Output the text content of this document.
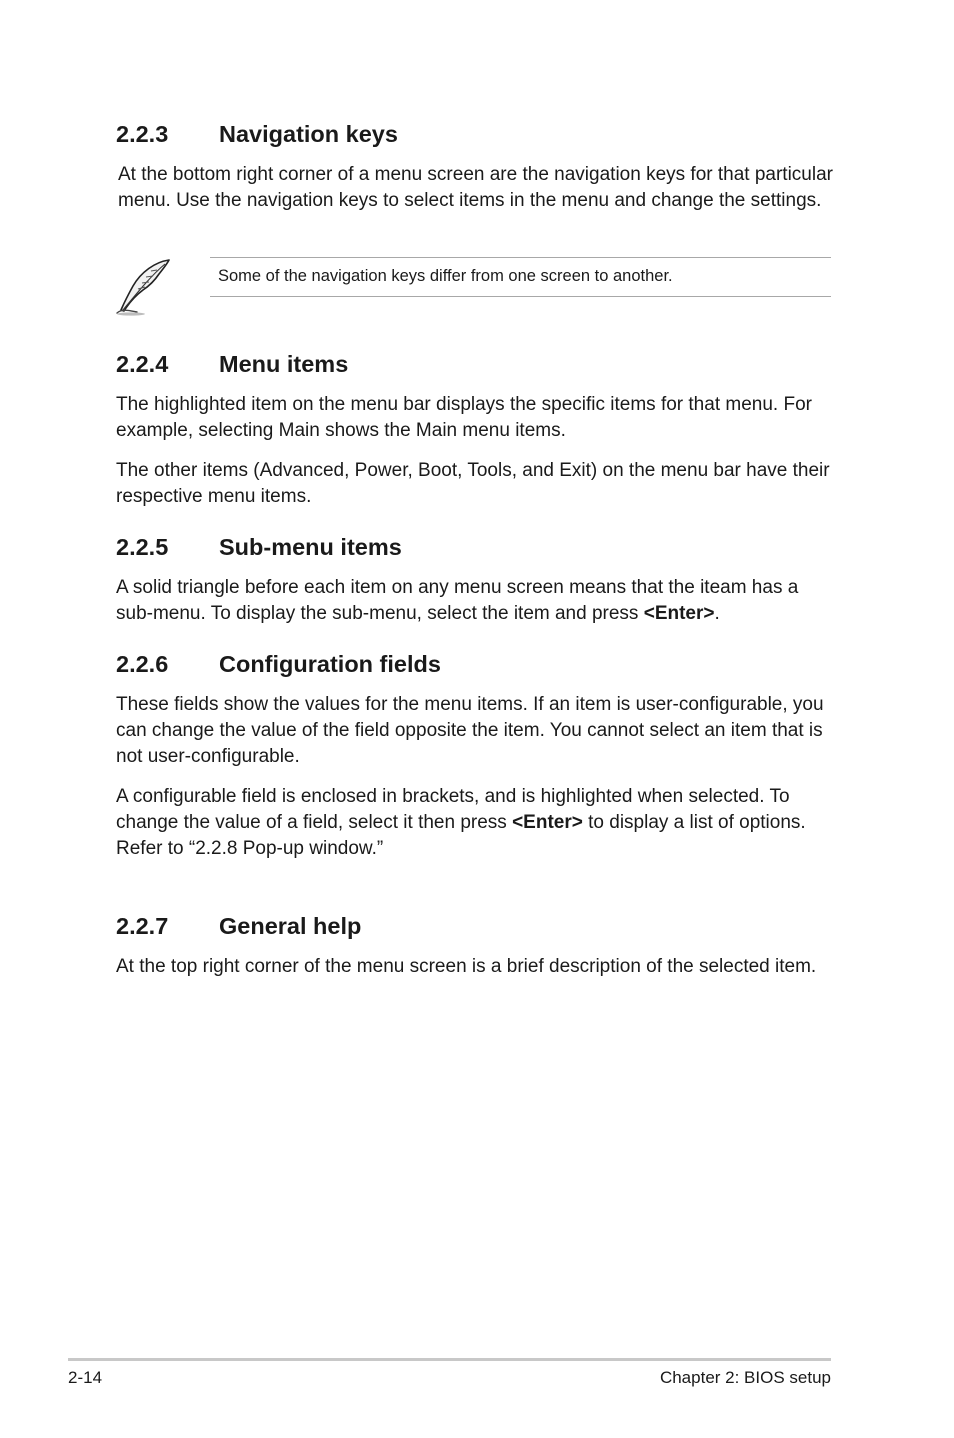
2.2.3 Navigation keys

At the bottom right corner of a menu screen are the navigation keys for that particular menu. Use the navigation keys to select items in the menu and change the settings.

Some of the navigation keys differ from one screen to another.

2.2.4 Menu items

The highlighted item on the menu bar displays the specific items for that menu. For example, selecting Main shows the Main menu items.

The other items (Advanced, Power, Boot, Tools, and Exit) on the menu bar have their respective menu items.

2.2.5 Sub-menu items

A solid triangle before each item on any menu screen means that the iteam has a sub-menu. To display the sub-menu, select the item and press <Enter>.

2.2.6 Configuration fields

These fields show the values for the menu items. If an item is user-configurable, you can change the value of the field opposite the item. You cannot select an item that is not user-configurable.

A configurable field is enclosed in brackets, and is highlighted when selected. To change the value of a field, select it then press <Enter> to display a list of options. Refer to “2.2.8 Pop-up window.”

2.2.7 General help

At the top right corner of the menu screen is a brief description of the selected item.

2-14	Chapter 2: BIOS setup
